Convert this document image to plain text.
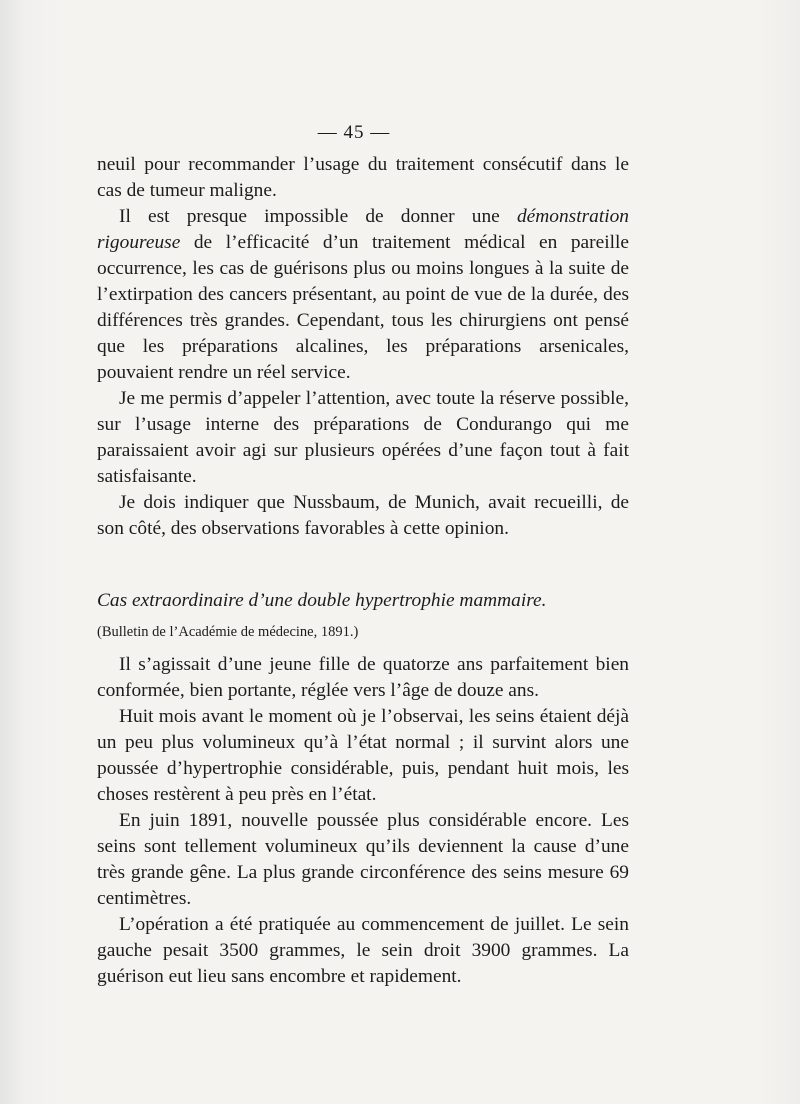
— 45 —

neuil pour recommander l’usage du traitement consécutif dans le cas de tumeur maligne.

Il est presque impossible de donner une démonstration rigoureuse de l’efficacité d’un traitement médical en pareille occurrence, les cas de guérisons plus ou moins longues à la suite de l’extirpation des cancers présentant, au point de vue de la durée, des différences très grandes. Cependant, tous les chirurgiens ont pensé que les préparations alcalines, les préparations arsenicales, pouvaient rendre un réel service.

Je me permis d’appeler l’attention, avec toute la réserve possible, sur l’usage interne des préparations de Condurango qui me paraissaient avoir agi sur plusieurs opérées d’une façon tout à fait satisfaisante.

Je dois indiquer que Nussbaum, de Munich, avait recueilli, de son côté, des observations favorables à cette opinion.

Cas extraordinaire d’une double hypertrophie mammaire.

(Bulletin de l’Académie de médecine, 1891.)

Il s’agissait d’une jeune fille de quatorze ans parfaitement bien conformée, bien portante, réglée vers l’âge de douze ans.

Huit mois avant le moment où je l’observai, les seins étaient déjà un peu plus volumineux qu’à l’état normal ; il survint alors une poussée d’hypertrophie considérable, puis, pendant huit mois, les choses restèrent à peu près en l’état.

En juin 1891, nouvelle poussée plus considérable encore. Les seins sont tellement volumineux qu’ils deviennent la cause d’une très grande gêne. La plus grande circonférence des seins mesure 69 centimètres.

L’opération a été pratiquée au commencement de juillet. Le sein gauche pesait 3500 grammes, le sein droit 3900 grammes. La guérison eut lieu sans encombre et rapidement.
